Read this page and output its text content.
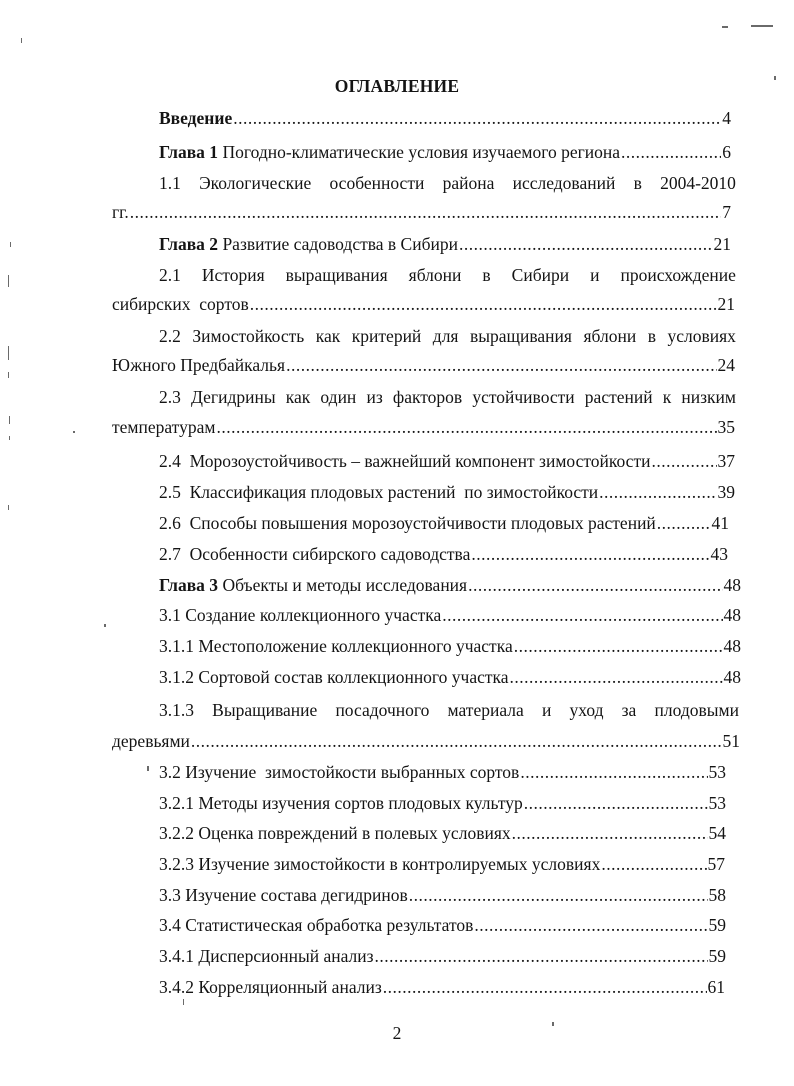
ОГЛАВЛЕНИЕ
Введение .....	4
Глава 1 Погодно-климатические условия изучаемого региона .....	6
1.1 Экологические особенности района исследований в 2004-2010
гг. .....	7
Глава 2 Развитие садоводства в Сибири .....	21
2.1 История выращивания яблони в Сибири и происхождение
сибирских  сортов .....	21
2.2 Зимостойкость как критерий для выращивания яблони в условиях
Южного Предбайкалья .....	24
2.3 Дегидрины как один из факторов устойчивости растений к низким
температурам .....	35
2.4  Морозоустойчивость – важнейший компонент зимостойкости .....	37
2.5  Классификация плодовых растений  по зимостойкости .....	39
2.6  Способы повышения морозоустойчивости плодовых растений .....	41
2.7  Особенности сибирского садоводства .....	43
Глава 3 Объекты и методы исследования .....	48
3.1 Создание коллекционного участка .....	48
3.1.1 Местоположение коллекционного участка .....	48
3.1.2 Сортовой состав коллекционного участка .....	48
3.1.3 Выращивание посадочного материала и уход за плодовыми
деревьями .....	51
3.2 Изучение  зимостойкости выбранных сортов .....	53
3.2.1 Методы изучения сортов плодовых культур .....	53
3.2.2 Оценка повреждений в полевых условиях .....	54
3.2.3 Изучение зимостойкости в контролируемых условиях .....	57
3.3 Изучение состава дегидринов .....	58
3.4 Статистическая обработка результатов .....	59
3.4.1 Дисперсионный анализ .....	59
3.4.2 Корреляционный анализ .....	61
2
